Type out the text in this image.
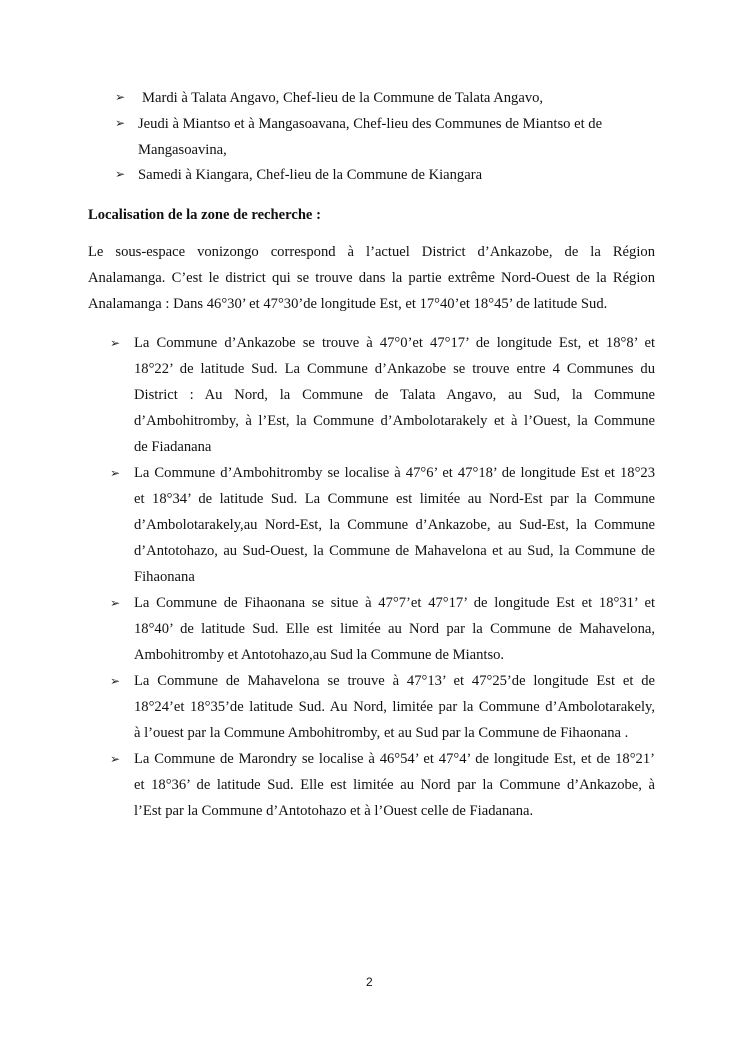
➢ Mardi à Talata Angavo, Chef-lieu de la Commune de Talata Angavo,
➢ Jeudi à Miantso et à Mangasoavana, Chef-lieu des Communes de Miantso et de
Mangasoavina,
➢ Samedi à Kiangara, Chef-lieu de la Commune de Kiangara
Localisation de la zone de recherche :
Le sous-espace vonizongo correspond à l’actuel District d’Ankazobe, de la Région
Analamanga. C’est le district qui se trouve dans la partie extrême Nord-Ouest de la Région
Analamanga : Dans 46°30’ et 47°30’de longitude Est, et 17°40’et 18°45’ de latitude Sud.
➢ La Commune d’Ankazobe se trouve à 47°0’et 47°17’ de longitude Est, et 18°8’ et
18°22’ de latitude Sud. La Commune d’Ankazobe se trouve entre 4 Communes du
District : Au Nord, la Commune de Talata Angavo, au Sud, la Commune
d’Ambohitromby, à l’Est, la Commune d’Ambolotarakely et à l’Ouest, la Commune
de Fiadanana
➢ La Commune d’Ambohitromby se localise à 47°6’ et 47°18’ de longitude Est et 18°23
et 18°34’ de latitude Sud. La Commune est limitée au Nord-Est par la Commune
d’Ambolotarakely,au Nord-Est, la Commune d’Ankazobe, au Sud-Est, la Commune
d’Antotohazo, au Sud-Ouest, la Commune de Mahavelona et au Sud, la Commune de
Fihaonana
➢ La Commune de Fihaonana se situe à 47°7’et 47°17’ de longitude Est et 18°31’ et
18°40’ de latitude Sud. Elle est limitée au Nord par la Commune de Mahavelona,
Ambohitromby et Antotohazo,au Sud la Commune de Miantso.
➢ La Commune de Mahavelona se trouve à 47°13’ et 47°25’de longitude Est et de
18°24’et 18°35’de latitude Sud. Au Nord, limitée par la Commune d’Ambolotarakely,
à l’ouest par la Commune Ambohitromby, et au Sud par la Commune de Fihaonana .
➢ La Commune de Marondry se localise à 46°54’ et 47°4’ de longitude Est, et de 18°21’
et 18°36’ de latitude Sud. Elle est limitée au Nord par la Commune d’Ankazobe, à
l’Est par la Commune d’Antotohazo et à l’Ouest celle de Fiadanana.
2
